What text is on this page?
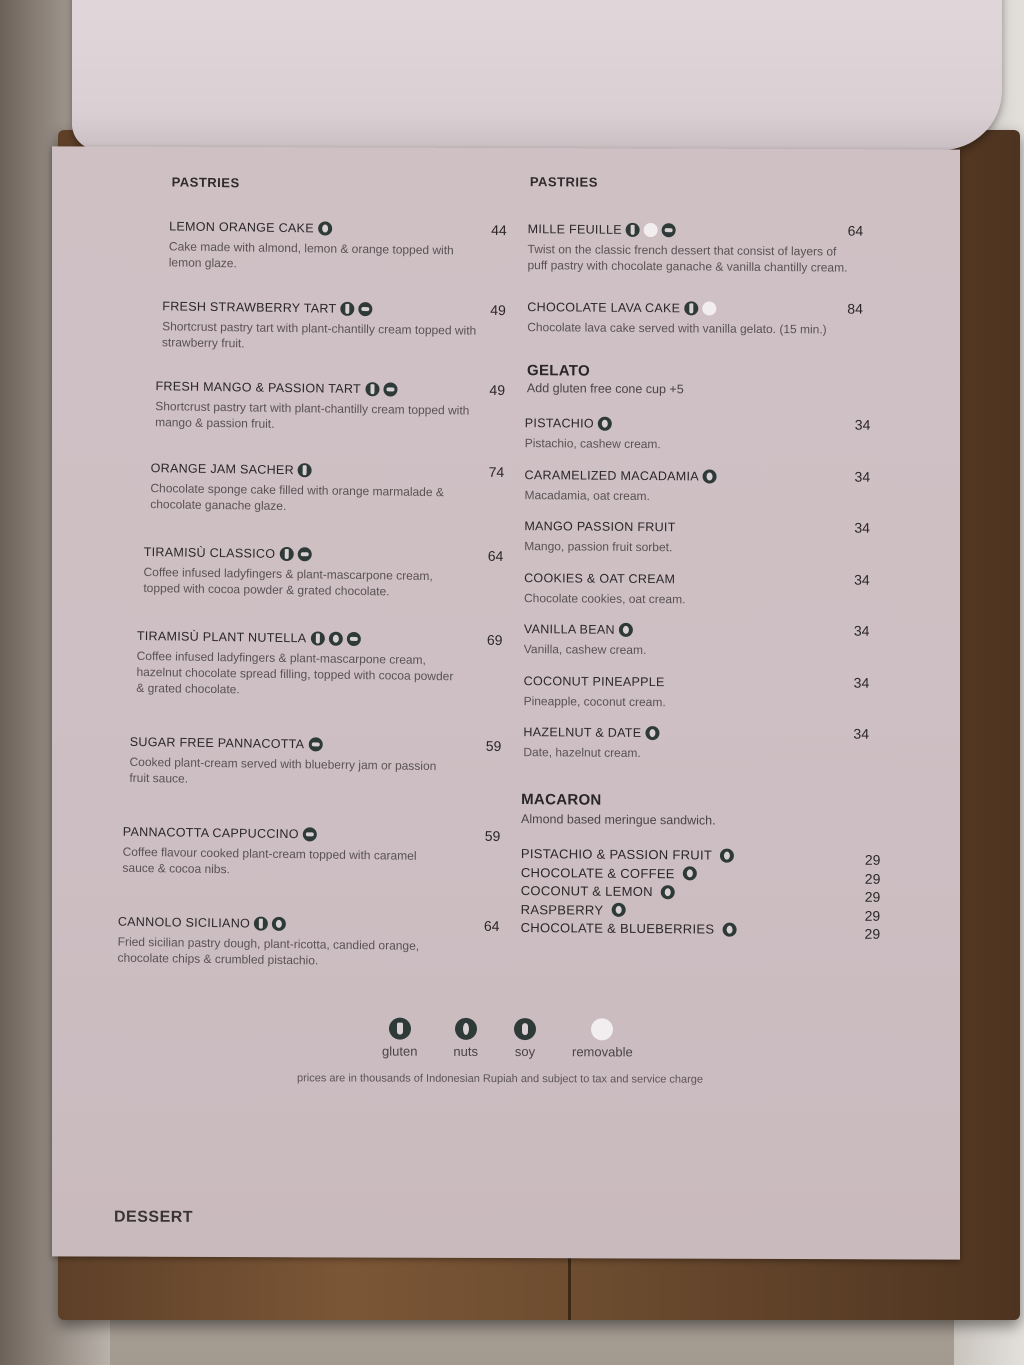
PASTRIES
LEMON ORANGE CAKE
Cake made with almond, lemon & orange topped with lemon glaze.
44
FRESH STRAWBERRY TART
Shortcrust pastry tart with plant-chantilly cream topped with strawberry fruit.
49
FRESH MANGO & PASSION TART
Shortcrust pastry tart with plant-chantilly cream topped with mango & passion fruit.
49
ORANGE JAM SACHER
Chocolate sponge cake filled with orange marmalade & chocolate ganache glaze.
74
TIRAMISÙ CLASSICO
Coffee infused ladyfingers & plant-mascarpone cream, topped with cocoa powder & grated chocolate.
64
TIRAMISÙ PLANT NUTELLA
Coffee infused ladyfingers & plant-mascarpone cream, hazelnut chocolate spread filling, topped with cocoa powder & grated chocolate.
69
SUGAR FREE PANNACOTTA
Cooked plant-cream served with blueberry jam or passion fruit sauce.
59
PANNACOTTA CAPPUCCINO
Coffee flavour cooked plant-cream topped with caramel sauce & cocoa nibs.
59
CANNOLO SICILIANO
Fried sicilian pastry dough, plant-ricotta, candied orange, chocolate chips & crumbled pistachio.
64
PASTRIES
MILLE FEUILLE
Twist on the classic french dessert that consist of layers of puff pastry with chocolate ganache & vanilla chantilly cream.
64
CHOCOLATE LAVA CAKE
Chocolate lava cake served with vanilla gelato. (15 min.)
84
GELATO
Add gluten free cone cup +5
PISTACHIO
Pistachio, cashew cream.
34
CARAMELIZED MACADAMIA
Macadamia, oat cream.
34
MANGO PASSION FRUIT
Mango, passion fruit sorbet.
34
COOKIES & OAT CREAM
Chocolate cookies, oat cream.
34
VANILLA BEAN
Vanilla, cashew cream.
34
COCONUT PINEAPPLE
Pineapple, coconut cream.
34
HAZELNUT & DATE
Date, hazelnut cream.
34
MACARON
Almond based meringue sandwich.
PISTACHIO & PASSION FRUIT	29
CHOCOLATE & COFFEE	29
COCONUT & LEMON	29
RASPBERRY	29
CHOCOLATE & BLUEBERRIES	29
gluten	nuts	soy	removable
prices are in thousands of Indonesian Rupiah and subject to tax and service charge
DESSERT
